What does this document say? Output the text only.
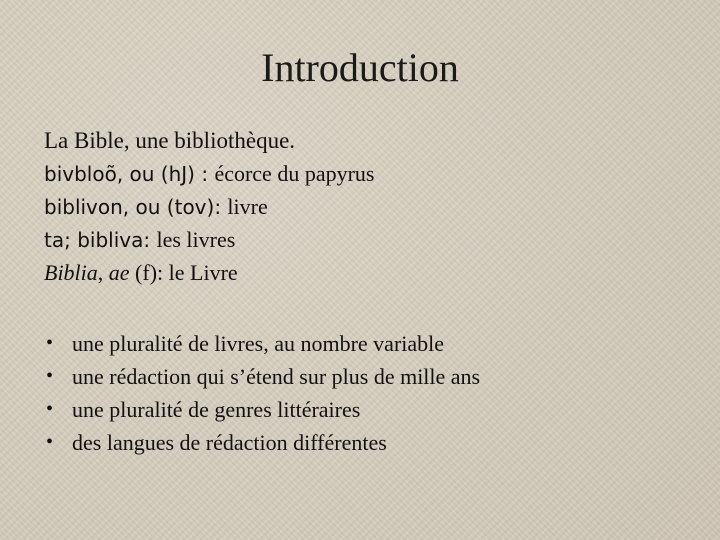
Introduction
La Bible, une bibliothèque.
bivbloõ, ou (hJ) : écorce du papyrus
biblivon, ou (tov): livre
ta; bibliva: les livres
Biblia, ae (f): le Livre
• une pluralité de livres, au nombre variable
• une rédaction qui s’étend sur plus de mille ans
• une pluralité de genres littéraires
• des langues de rédaction différentes
